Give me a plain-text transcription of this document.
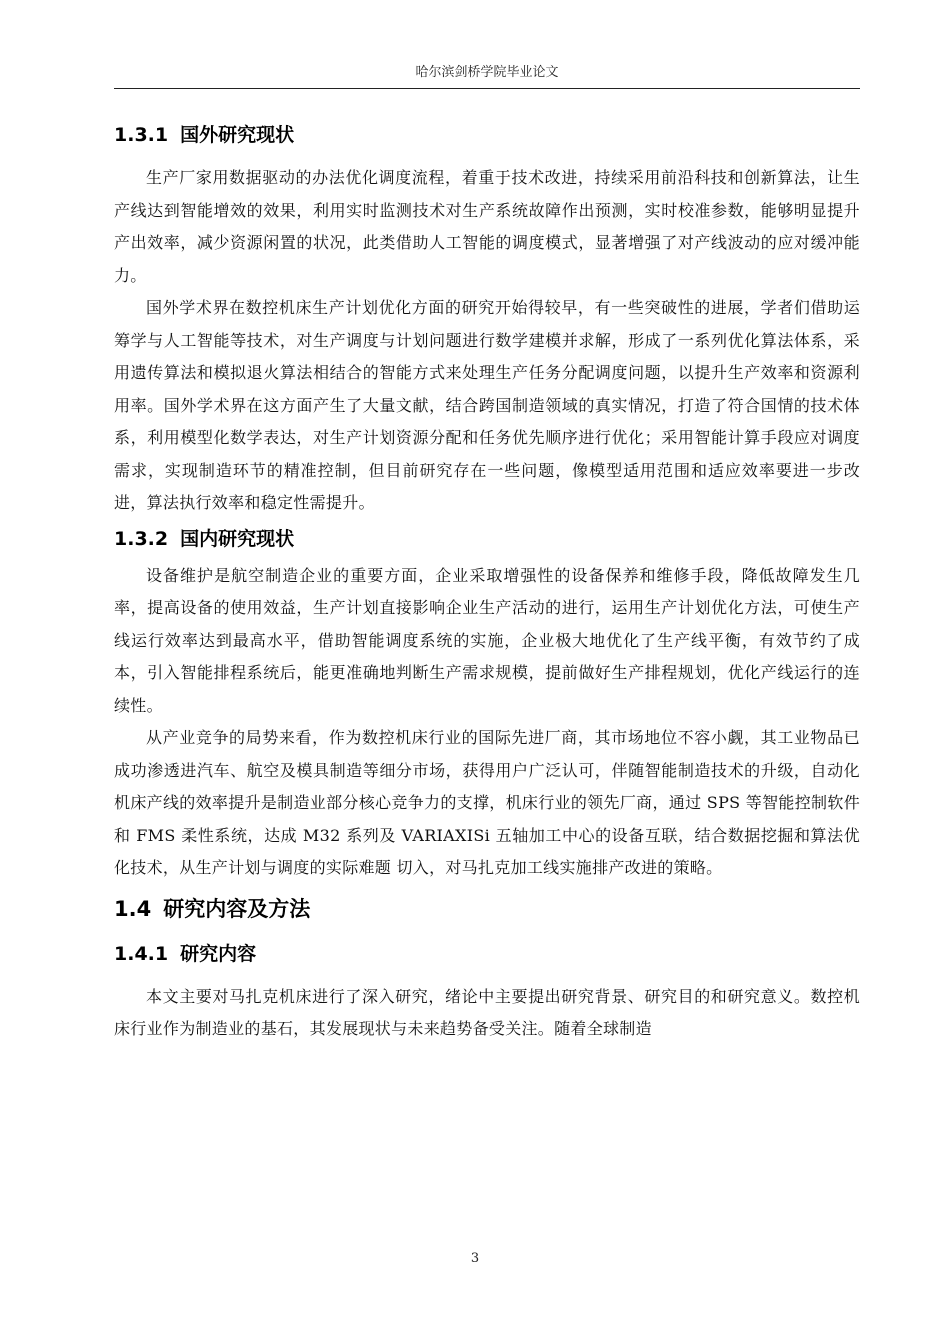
哈尔滨剑桥学院毕业论文
1.3.1 国外研究现状

生产厂家用数据驱动的办法优化调度流程，着重于技术改进，持续采用前沿科技和创新算法，让生产线达到智能增效的效果，利用实时监测技术对生产系统故障作出预测，实时校准参数，能够明显提升产出效率，减少资源闲置的状况，此类借助人工智能的调度模式，显著增强了对产线波动的应对缓冲能力。

国外学术界在数控机床生产计划优化方面的研究开始得较早，有一些突破性的进展，学者们借助运筹学与人工智能等技术，对生产调度与计划问题进行数学建模并求解，形成了一系列优化算法体系，采用遗传算法和模拟退火算法相结合的智能方式来处理生产任务分配调度问题，以提升生产效率和资源利用率。国外学术界在这方面产生了大量文献，结合跨国制造领域的真实情况，打造了符合国情的技术体系，利用模型化数学表达，对生产计划资源分配和任务优先顺序进行优化；采用智能计算手段应对调度需求，实现制造环节的精准控制，但目前研究存在一些问题，像模型适用范围和适应效率要进一步改进，算法执行效率和稳定性需提升。

1.3.2 国内研究现状

设备维护是航空制造企业的重要方面，企业采取增强性的设备保养和维修手段，降低故障发生几率，提高设备的使用效益，生产计划直接影响企业生产活动的进行，运用生产计划优化方法，可使生产线运行效率达到最高水平，借助智能调度系统的实施，企业极大地优化了生产线平衡，有效节约了成本，引入智能排程系统后，能更准确地判断生产需求规模，提前做好生产排程规划，优化产线运行的连续性。

从产业竞争的局势来看，作为数控机床行业的国际先进厂商，其市场地位不容小觑，其工业物品已成功渗透进汽车、航空及模具制造等细分市场，获得用户广泛认可，伴随智能制造技术的升级，自动化机床产线的效率提升是制造业部分核心竞争力的支撑，机床行业的领先厂商，通过 SPS 等智能控制软件和 FMS 柔性系统，达成 M32 系列及 VARIAXISi 五轴加工中心的设备互联，结合数据挖掘和算法优化技术，从生产计划与调度的实际难题 切入，对马扎克加工线实施排产改进的策略。

1.4 研究内容及方法
1.4.1 研究内容

本文主要对马扎克机床进行了深入研究，绪论中主要提出研究背景、研究目的和研究意义。数控机床行业作为制造业的基石，其发展现状与未来趋势备受关注。随着全球制造

3
